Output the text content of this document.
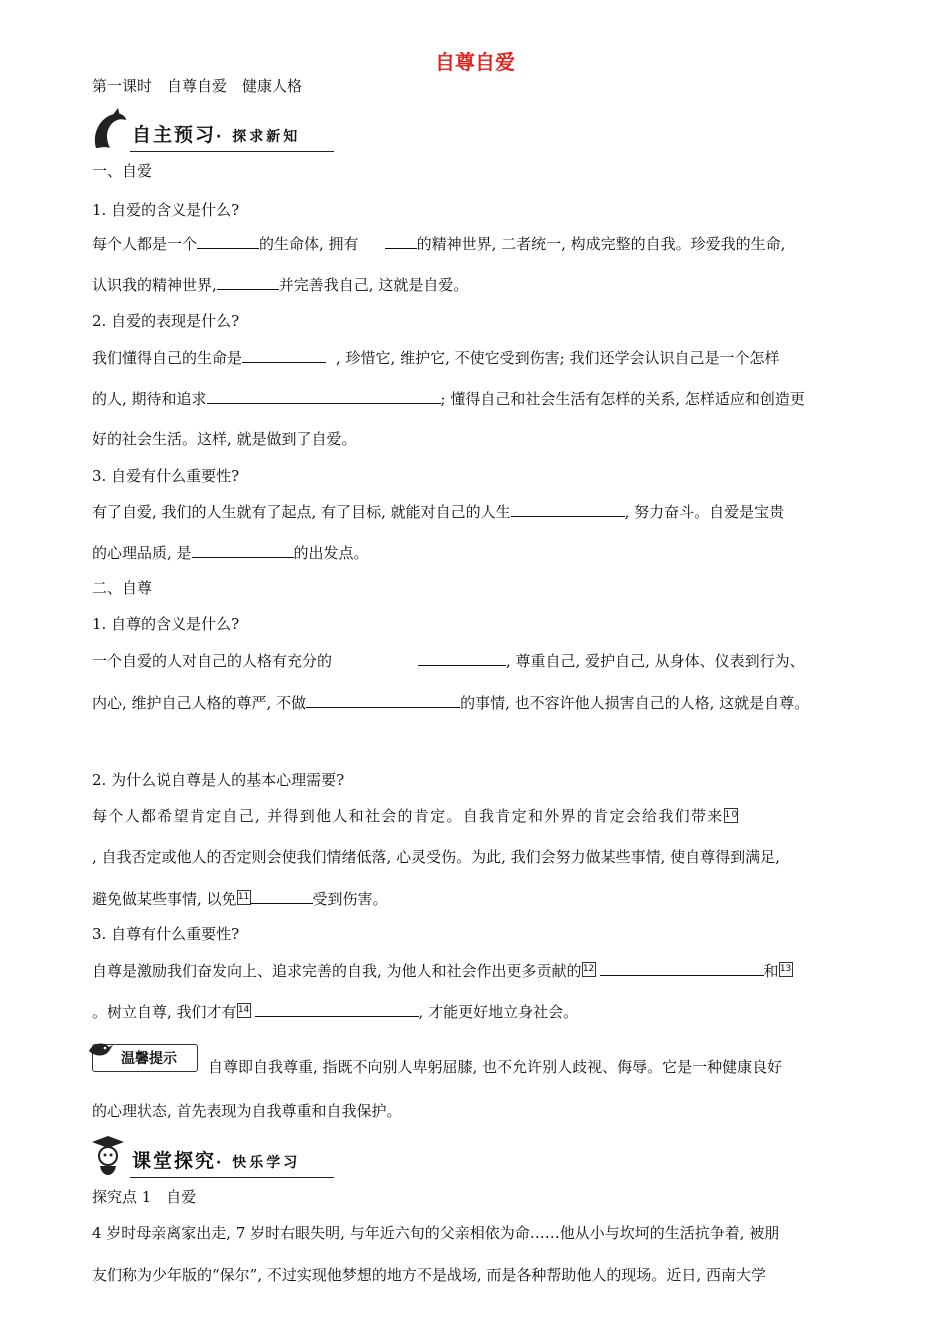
自尊自爱
第一课时　自尊自爱　健康人格
自主预习· 探求新知
一、自爱
1. 自爱的含义是什么?
每个人都是一个	的生命体, 拥有	的精神世界, 二者统一, 构成完整的自我。珍爱我的生命,
认识我的精神世界,	并完善我自己, 这就是自爱。
2. 自爱的表现是什么?
我们懂得自己的生命是	, 珍惜它, 维护它, 不使它受到伤害; 我们还学会认识自己是一个怎样
的人, 期待和追求	; 懂得自己和社会生活有怎样的关系, 怎样适应和创造更
好的社会生活。这样, 就是做到了自爱。
3. 自爱有什么重要性?
有了自爱, 我们的人生就有了起点, 有了目标, 就能对自己的人生	, 努力奋斗。自爱是宝贵
的心理品质, 是	的出发点。
二、自尊
1. 自尊的含义是什么?
一个自爱的人对自己的人格有充分的	, 尊重自己, 爱护自己, 从身体、仪表到行为、
内心, 维护自己人格的尊严, 不做	的事情, 也不容许他人损害自己的人格, 这就是自尊。
2. 为什么说自尊是人的基本心理需要?
每个人都希望肯定自己, 并得到他人和社会的肯定。自我肯定和外界的肯定会给我们带来10
, 自我否定或他人的否定则会使我们情绪低落, 心灵受伤。为此, 我们会努力做某些事情, 使自尊得到满足,
避免做某些事情, 以免11	受到伤害。
3. 自尊有什么重要性?
自尊是激励我们奋发向上、追求完善的自我, 为他人和社会作出更多贡献的12	和13
。树立自尊, 我们才有14	, 才能更好地立身社会。
温馨提示 自尊即自我尊重, 指既不向别人卑躬屈膝, 也不允许别人歧视、侮辱。它是一种健康良好
的心理状态, 首先表现为自我尊重和自我保护。
课堂探究· 快乐学习
探究点 1　自爱
4 岁时母亲离家出走, 7 岁时右眼失明, 与年近六旬的父亲相依为命……他从小与坎坷的生活抗争着, 被朋
友们称为少年版的“保尔”, 不过实现他梦想的地方不是战场, 而是各种帮助他人的现场。近日, 西南大学
